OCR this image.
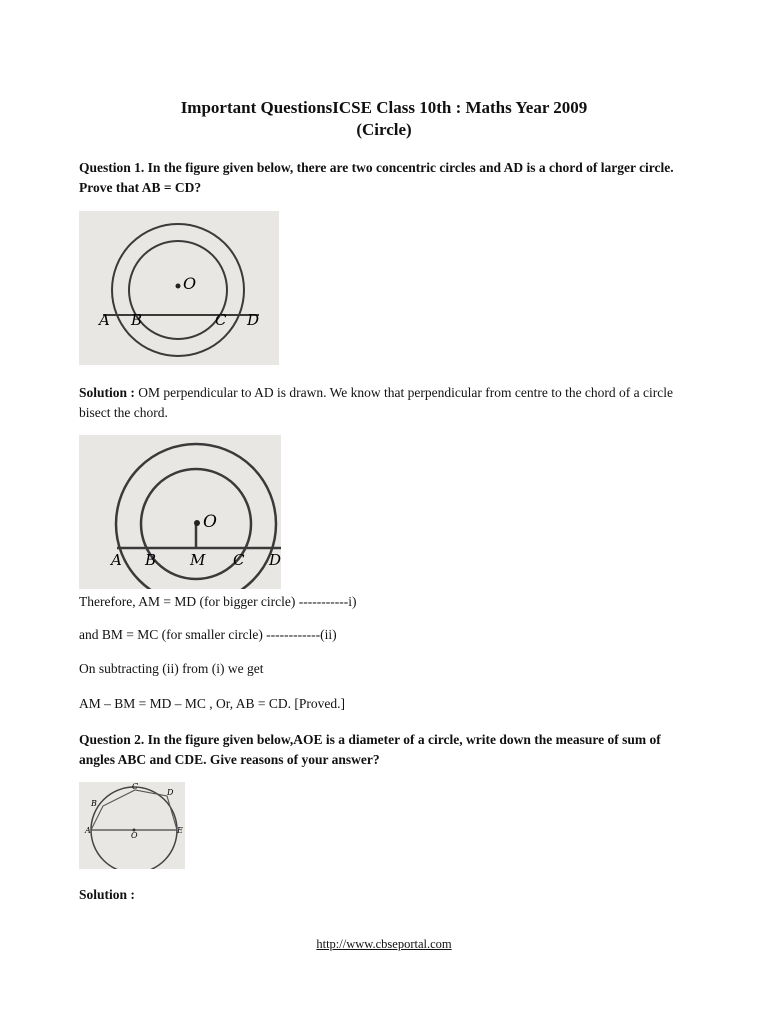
Important QuestionsICSE Class 10th : Maths Year 2009
(Circle)
Question 1. In the figure given below, there are two concentric circles and AD is a chord of larger circle. Prove that AB = CD?
O
A B	C D
Solution : OM perpendicular to AD is drawn. We know that perpendicular from centre to the chord of a circle bisect the chord.
O
A B M C D
Therefore, AM = MD (for bigger circle) -----------i)
and BM = MC (for smaller circle) ------------(ii)
On subtracting (ii) from (i) we get
AM – BM = MD – MC , Or, AB = CD. [Proved.]
Question 2. In the figure given below,AOE is a diameter of a circle, write down the measure of sum of angles ABC and CDE. Give reasons of your answer?
O
A
B
C
D
E
Solution :
http://www.cbseportal.com
